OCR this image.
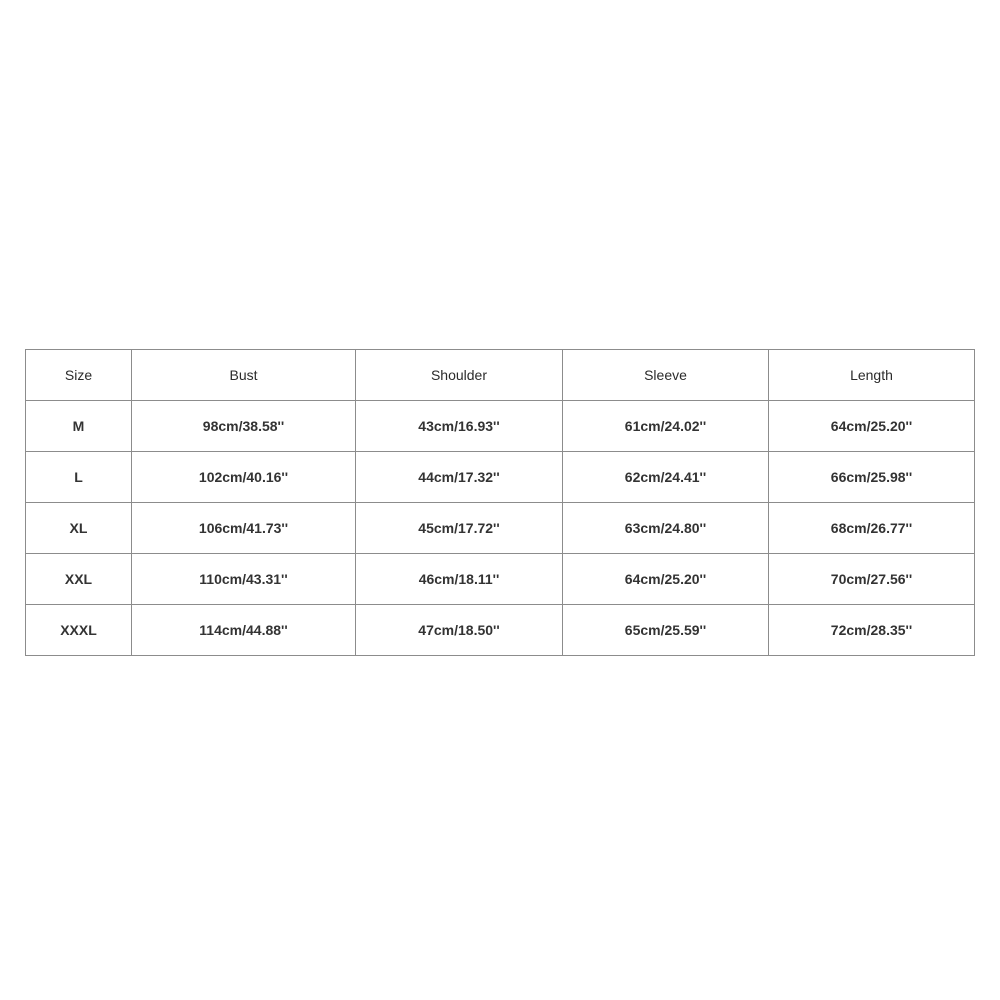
Size	Bust	Shoulder	Sleeve	Length
M	98cm/38.58''	43cm/16.93''	61cm/24.02''	64cm/25.20''
L	102cm/40.16''	44cm/17.32''	62cm/24.41''	66cm/25.98''
XL	106cm/41.73''	45cm/17.72''	63cm/24.80''	68cm/26.77''
XXL	110cm/43.31''	46cm/18.11''	64cm/25.20''	70cm/27.56''
XXXL	114cm/44.88''	47cm/18.50''	65cm/25.59''	72cm/28.35''
